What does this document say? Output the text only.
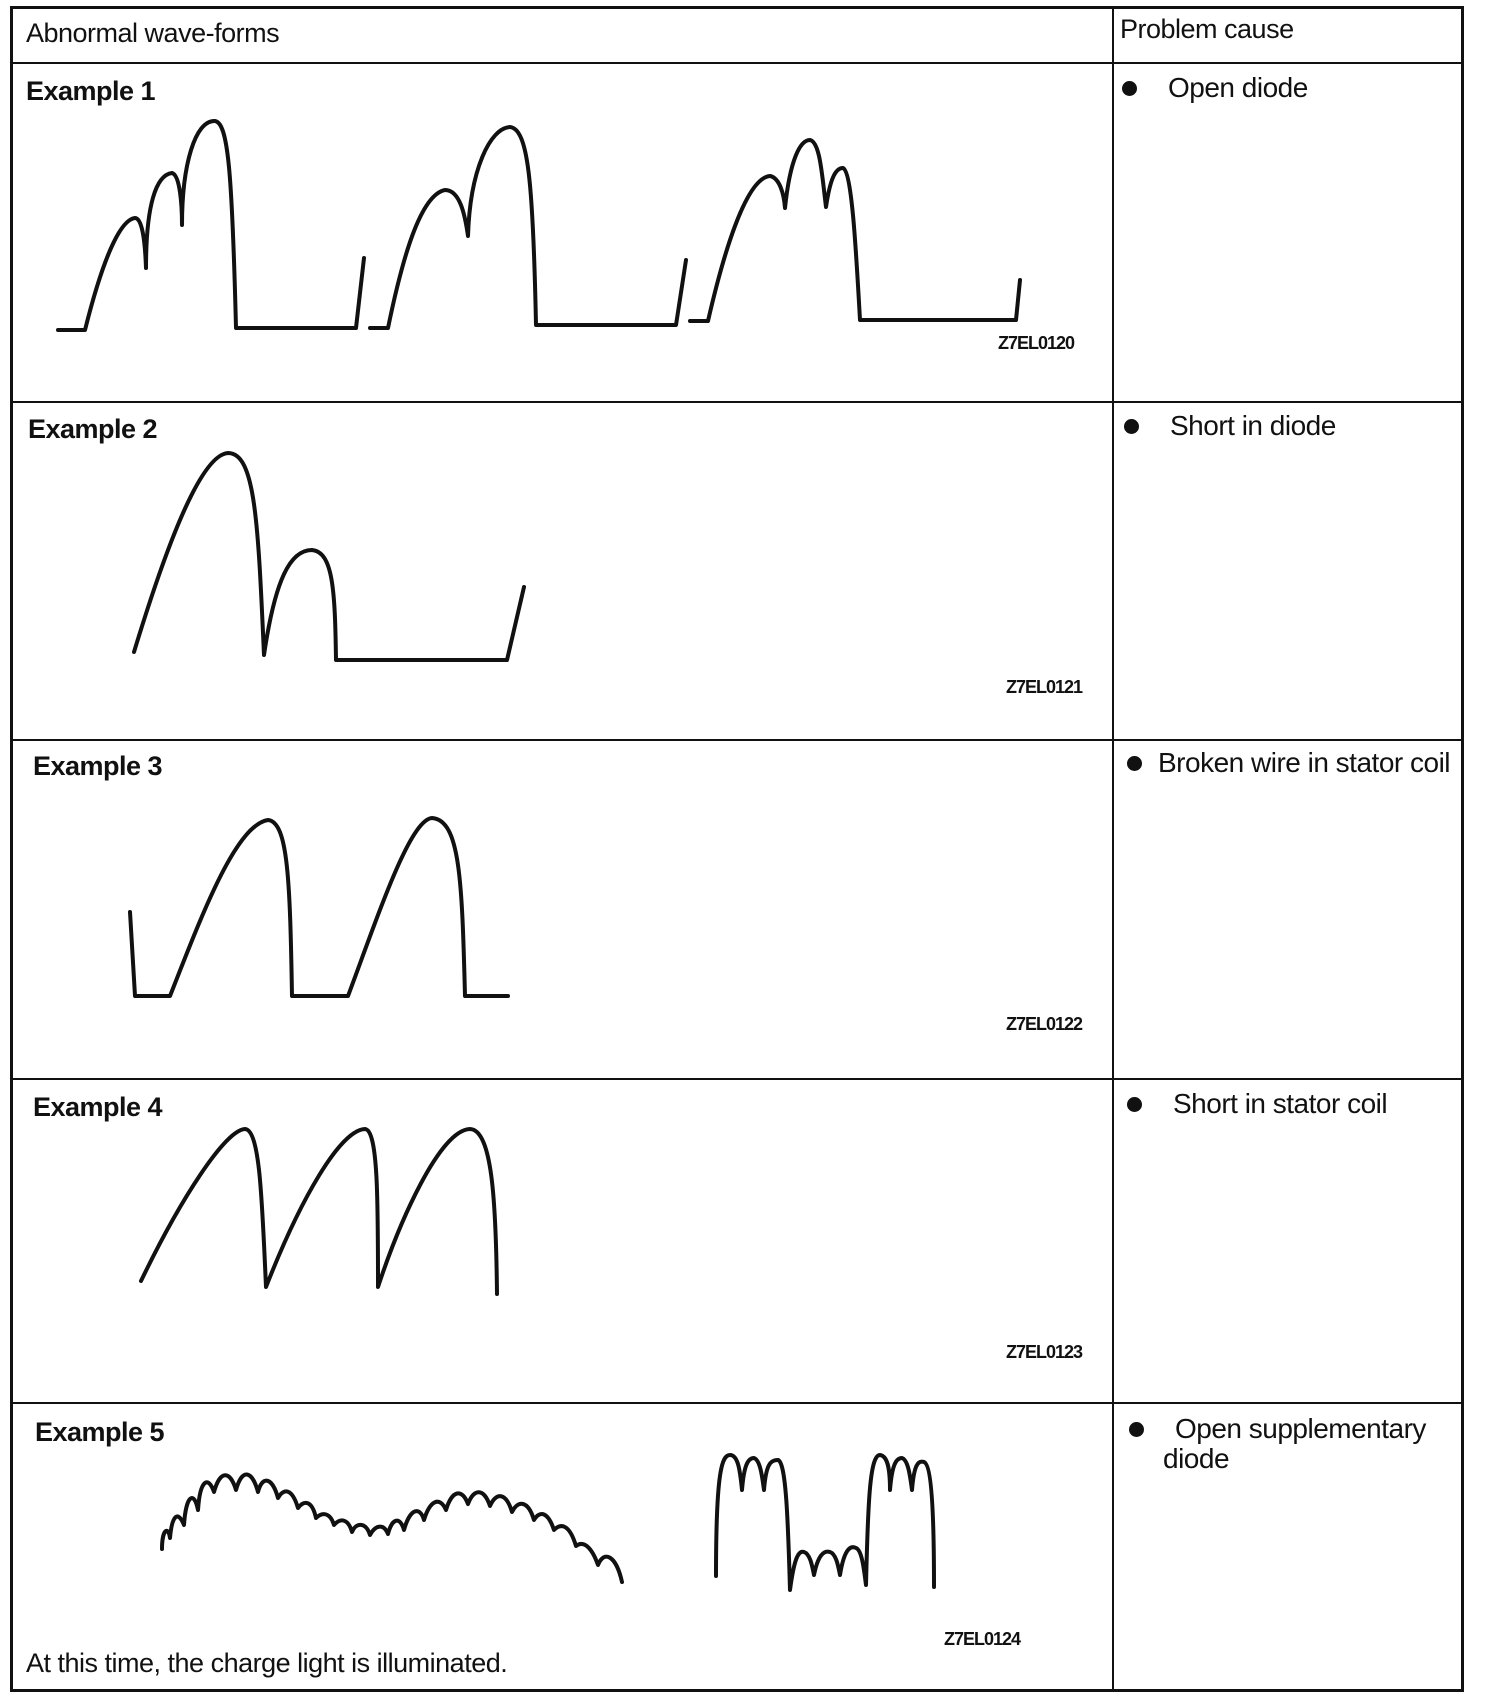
Abnormal wave-forms	Problem cause
Example 1	Open diode
Z7EL0120
Example 2	Short in diode
Z7EL0121
Example 3	Broken wire in stator coil
Z7EL0122
Example 4	Short in stator coil
Z7EL0123
Example 5	Open supplementary
diode
Z7EL0124
At this time, the charge light is illuminated.
